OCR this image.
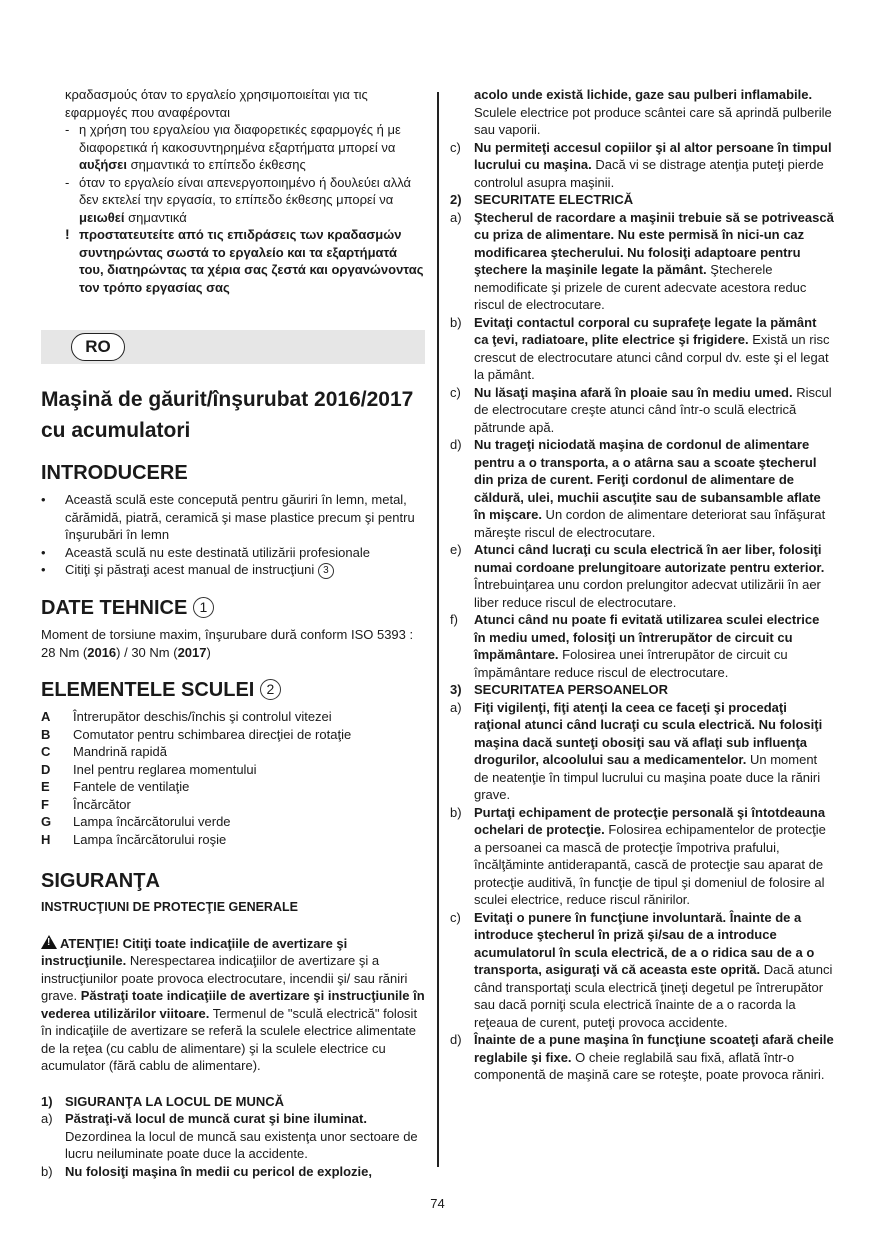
κραδασμούς όταν το εργαλείο χρησιμοποιείται για τις εφαρμογές που αναφέρονται
- η χρήση του εργαλείου για διαφορετικές εφαρμογές ή με διαφορετικά ή κακοσυντηρημένα εξαρτήματα μπορεί να αυξήσει σημαντικά το επίπεδο έκθεσης
- όταν το εργαλείο είναι απενεργοποιημένο ή δουλεύει αλλά δεν εκτελεί την εργασία, το επίπεδο έκθεσης μπορεί να μειωθεί σημαντικά
! προστατευτείτε από τις επιδράσεις των κραδασμών συντηρώντας σωστά το εργαλείο και τα εξαρτήματά του, διατηρώντας τα χέρια σας ζεστά και οργανώνοντας τον τρόπο εργασίας σας
RO
Maşină de găurit/înşurubat 2016/2017 cu acumulatori
INTRODUCERE
•	Această sculă este concepută pentru găuriri în lemn, metal, cărămidă, piatră, ceramică şi mase plastice precum şi pentru înşurubări în lemn
•	Această sculă nu este destinată utilizării profesionale
•	Citiţi şi păstraţi acest manual de instrucţiuni 3
DATE TEHNICE 1
Moment de torsiune maxim, înşurubare dură conform ISO 5393 : 28 Nm (2016) / 30 Nm (2017)
ELEMENTELE SCULEI 2
A	Întrerupător deschis/închis şi controlul vitezei
B	Comutator pentru schimbarea direcţiei de rotaţie
C	Mandrină rapidă
D	Inel pentru reglarea momentului
E	Fantele de ventilaţie
F	Încărcător
G	Lampa încărcătorului verde
H	Lampa încărcătorului roşie
SIGURANŢA
INSTRUCŢIUNI DE PROTECŢIE GENERALE
! ATENŢIE! Citiţi toate indicaţiile de avertizare şi instrucţiunile. Nerespectarea indicaţiilor de avertizare şi a instrucţiunilor poate provoca electrocutare, incendii şi/ sau răniri grave. Păstraţi toate indicaţiile de avertizare şi instrucţiunile în vederea utilizărilor viitoare. Termenul de "sculă electrică" folosit în indicaţiile de avertizare se referă la sculele electrice alimentate de la reţea (cu cablu de alimentare) şi la sculele electrice cu acumulator (fără cablu de alimentare).
1) SIGURANŢA LA LOCUL DE MUNCĂ
a) Păstraţi-vă locul de muncă curat şi bine iluminat. Dezordinea la locul de muncă sau existenţa unor sectoare de lucru neiluminate poate duce la accidente.
b) Nu folosiţi maşina în medii cu pericol de explozie,
acolo unde există lichide, gaze sau pulberi inflamabile. Sculele electrice pot produce scântei care să aprindă pulberile sau vaporii.
c)	Nu permiteţi accesul copiilor şi al altor persoane în timpul lucrului cu maşina. Dacă vi se distrage atenţia puteţi pierde controlul asupra maşinii.
2) SECURITATE ELECTRICĂ
a) Ştecherul de racordare a maşinii trebuie să se potrivească cu priza de alimentare. Nu este permisă în nici-un caz modificarea ştecherului. Nu folosiţi adaptoare pentru ştechere la maşinile legate la pământ. Ştecherele nemodificate şi prizele de curent adecvate acestora reduc riscul de electrocutare.
b) Evitaţi contactul corporal cu suprafeţe legate la pământ ca ţevi, radiatoare, plite electrice şi frigidere. Există un risc crescut de electrocutare atunci când corpul dv. este şi el legat la pământ.
c)	Nu lăsaţi maşina afară în ploaie sau în mediu umed. Riscul de electrocutare creşte atunci când într-o sculă electrică pătrunde apă.
d) Nu trageţi niciodată maşina de cordonul de alimentare pentru a o transporta, a o atârna sau a scoate ştecherul din priza de curent. Feriţi cordonul de alimentare de căldură, ulei, muchii ascuţite sau de subansamble aflate în mişcare. Un cordon de alimentare deteriorat sau înfăşurat măreşte riscul de electrocutare.
e) Atunci când lucraţi cu scula electrică în aer liber, folosiţi numai cordoane prelungitoare autorizate pentru exterior. Întrebuinţarea unu cordon prelungitor adecvat utilizării în aer liber reduce riscul de electrocutare.
f)	Atunci când nu poate fi evitată utilizarea sculei electrice în mediu umed, folosiţi un întrerupător de circuit cu împământare. Folosirea unei întrerupător de circuit cu împământare reduce riscul de electrocutare.
3) SECURITATEA PERSOANELOR
a) Fiţi vigilenţi, fiţi atenţi la ceea ce faceţi şi procedaţi raţional atunci când lucraţi cu scula electrică. Nu folosiţi maşina dacă sunteţi obosiţi sau vă aflaţi sub influenţa drogurilor, alcoolului sau a medicamentelor. Un moment de neatenţie în timpul lucrului cu maşina poate duce la răniri grave.
b) Purtaţi echipament de protecţie personală şi întotdeauna ochelari de protecţie. Folosirea echipamentelor de protecţie a persoanei ca mască de protecţie împotriva prafului, încălţăminte antiderapantă, cască de protecţie sau aparat de protecţie auditivă, în funcţie de tipul şi domeniul de folosire al sculei electrice, reduce riscul rănirilor.
c)	Evitaţi o punere în funcţiune involuntară. Înainte de a introduce ştecherul în priză şi/sau de a introduce acumulatorul în scula electrică, de a o ridica sau de a o transporta, asiguraţi vă că aceasta este oprită. Dacă atunci când transportaţi scula electrică ţineţi degetul pe întrerupător sau dacă porniţi scula electrică înainte de a o racorda la reţeaua de curent, puteţi provoca accidente.
d) Înainte de a pune maşina în funcţiune scoateţi afară cheile reglabile şi fixe. O cheie reglabilă sau fixă, aflată într-o componentă de maşină care se roteşte, poate provoca răniri.
74
